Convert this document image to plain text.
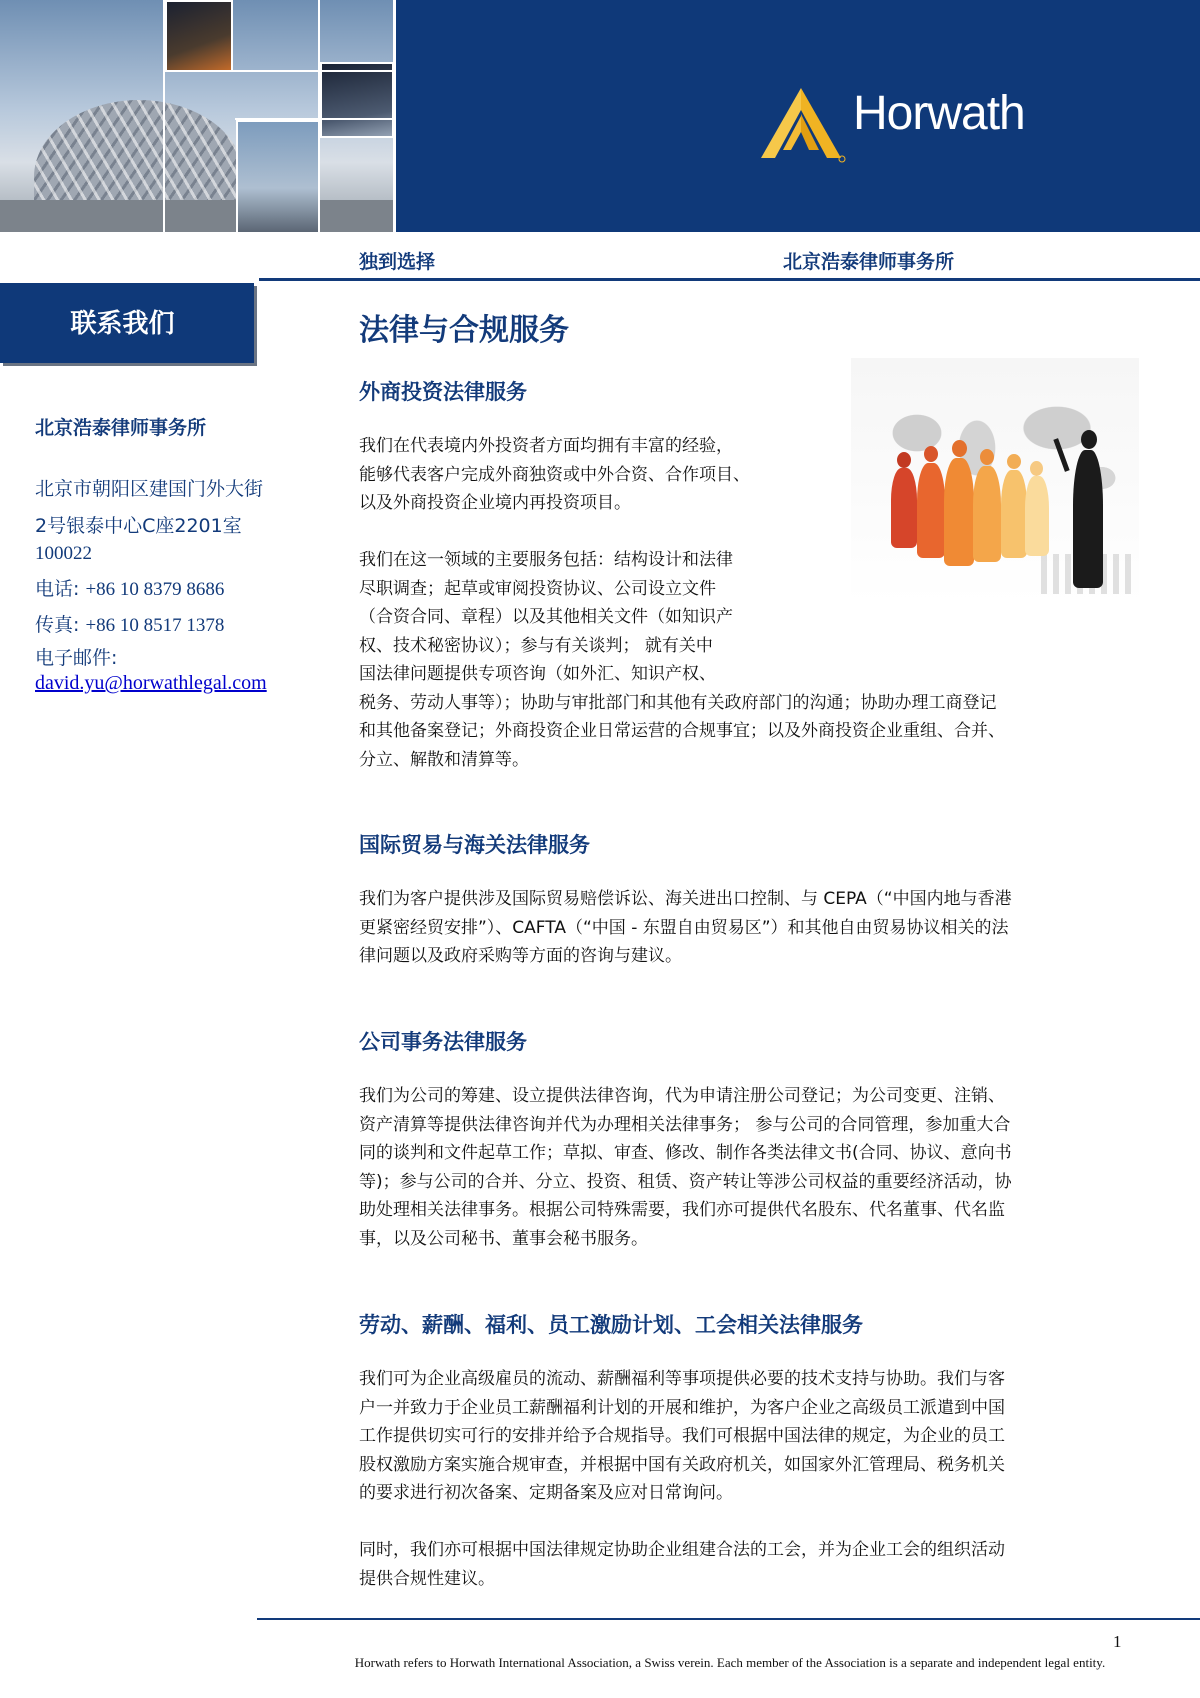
Horwath
独到选择	北京浩泰律师事务所
联系我们
北京浩泰律师事务所
北京市朝阳区建国门外大街
2号银泰中心C座2201室
100022
电话: +86 10 8379 8686
传真: +86 10 8517 1378
电子邮件:
david.yu@horwathlegal.com
法律与合规服务
外商投资法律服务

我们在代表境内外投资者方面均拥有丰富的经验，

能够代表客户完成外商独资或中外合资、合作项目、

以及外商投资企业境内再投资项目。

我们在这一领域的主要服务包括：结构设计和法律

尽职调查；起草或审阅投资协议、公司设立文件

（合资合同、章程）以及其他相关文件（如知识产

权、技术秘密协议）；参与有关谈判； 就有关中

国法律问题提供专项咨询（如外汇、知识产权、

税务、劳动人事等）；协助与审批部门和其他有关政府部门的沟通；协助办理工商登记

和其他备案登记；外商投资企业日常运营的合规事宜；以及外商投资企业重组、合并、

分立、解散和清算等。

国际贸易与海关法律服务

我们为客户提供涉及国际贸易赔偿诉讼、海关进出口控制、与 CEPA（“中国内地与香港

更紧密经贸安排”）、CAFTA（“中国 - 东盟自由贸易区”）和其他自由贸易协议相关的法

律问题以及政府采购等方面的咨询与建议。

公司事务法律服务

我们为公司的筹建、设立提供法律咨询，代为申请注册公司登记；为公司变更、注销、

资产清算等提供法律咨询并代为办理相关法律事务； 参与公司的合同管理，参加重大合

同的谈判和文件起草工作；草拟、审查、修改、制作各类法律文书(合同、协议、意向书

等)；参与公司的合并、分立、投资、租赁、资产转让等涉公司权益的重要经济活动，协

助处理相关法律事务。根据公司特殊需要，我们亦可提供代名股东、代名董事、代名监

事，以及公司秘书、董事会秘书服务。

劳动、薪酬、福利、员工激励计划、工会相关法律服务

我们可为企业高级雇员的流动、薪酬福利等事项提供必要的技术支持与协助。我们与客

户一并致力于企业员工薪酬福利计划的开展和维护，为客户企业之高级员工派遣到中国

工作提供切实可行的安排并给予合规指导。我们可根据中国法律的规定，为企业的员工

股权激励方案实施合规审查，并根据中国有关政府机关，如国家外汇管理局、税务机关

的要求进行初次备案、定期备案及应对日常询问。

同时，我们亦可根据中国法律规定协助企业组建合法的工会，并为企业工会的组织活动

提供合规性建议。

1
Horwath refers to Horwath International Association, a Swiss verein. Each member of the Association is a separate and independent legal entity.
